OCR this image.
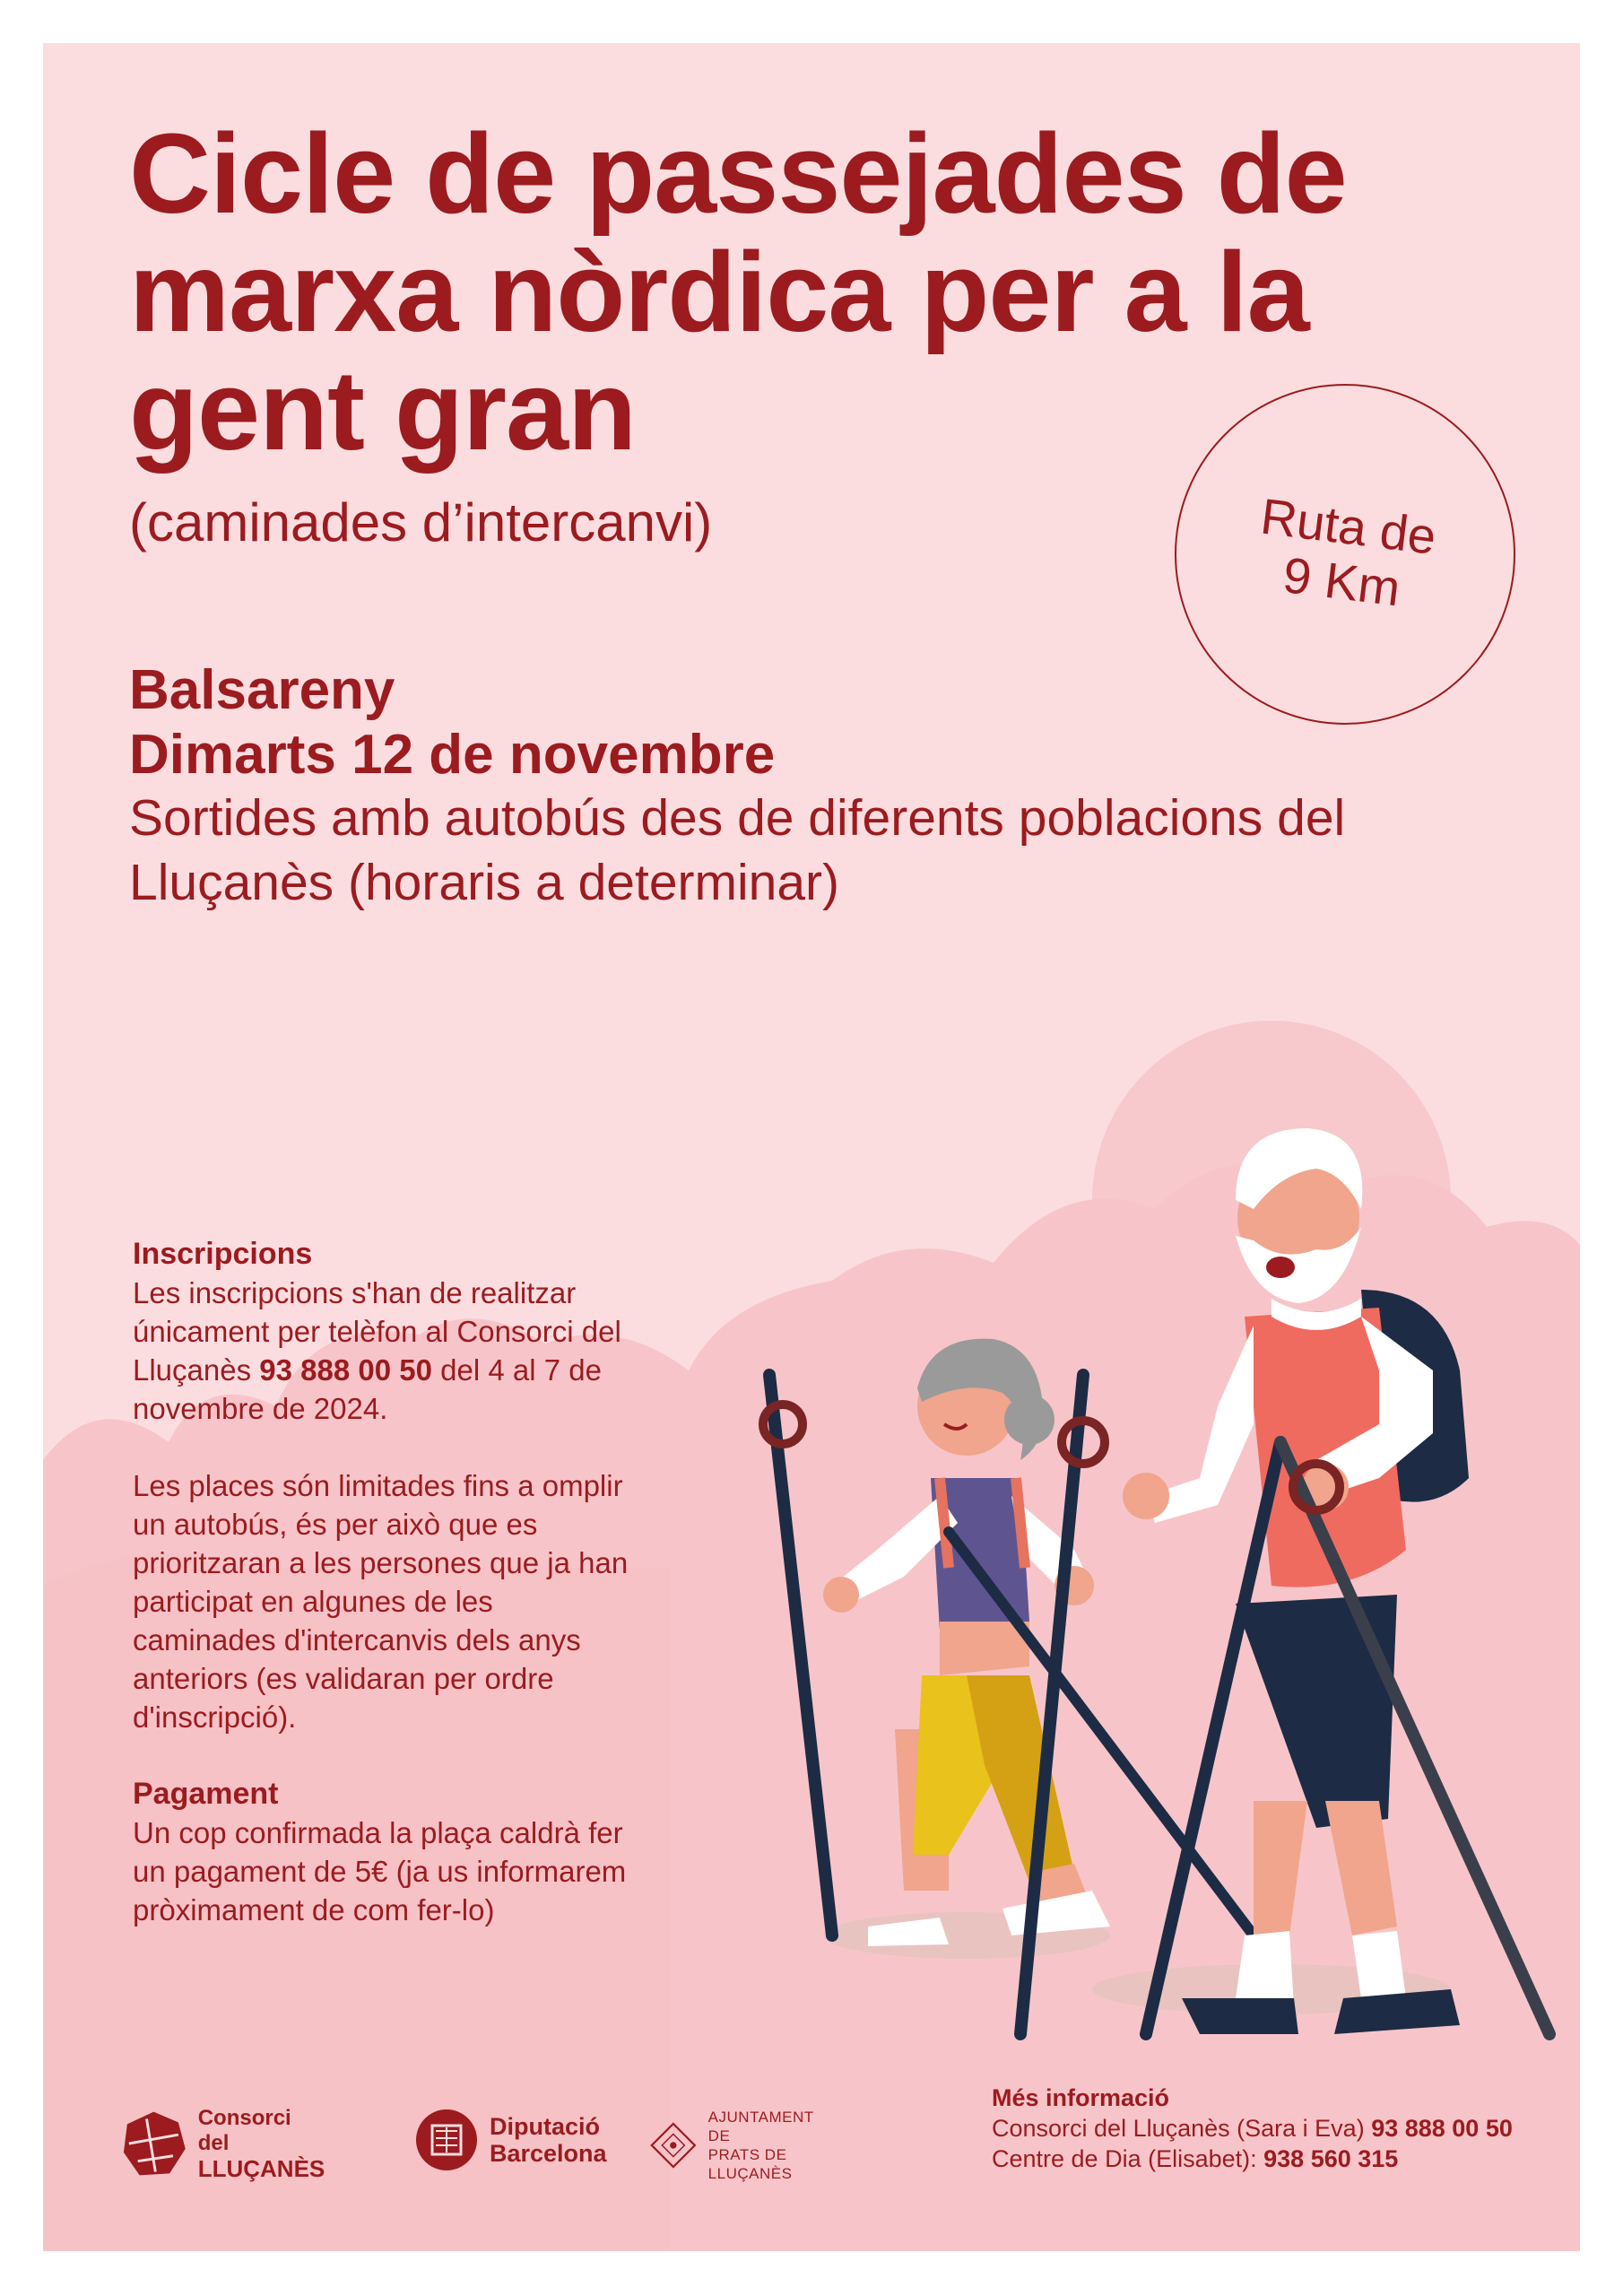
Cicle de passejades de marxa nòrdica per a la gent gran
(caminades d’intercanvi)	Ruta de 9 Km
Balsareny
Dimarts 12 de novembre
Sortides amb autobús des de diferents poblacions del Lluçanès (horaris a determinar)
Inscripcions

Les inscripcions s'han de realitzar únicament per telèfon al Consorci del Lluçanès 93 888 00 50 del 4 al 7 de novembre de 2024.

Les places són limitades fins a omplir un autobús, és per això que es prioritzaran a les persones que ja han participat en algunes de les caminades d'intercanvis dels anys anteriors (es validaran per ordre d'inscripció).

Pagament

Un cop confirmada la plaça caldrà fer un pagament de 5€ (ja us informarem pròximament de com fer-lo)

Consorci del
LLUÇANÈS
Diputació
Barcelona
AJUNTAMENT DE
PRATS DE LLUÇANÈS
Més informació
Consorci del Lluçanès (Sara i Eva) 93 888 00 50
Centre de Dia (Elisabet): 938 560 315
